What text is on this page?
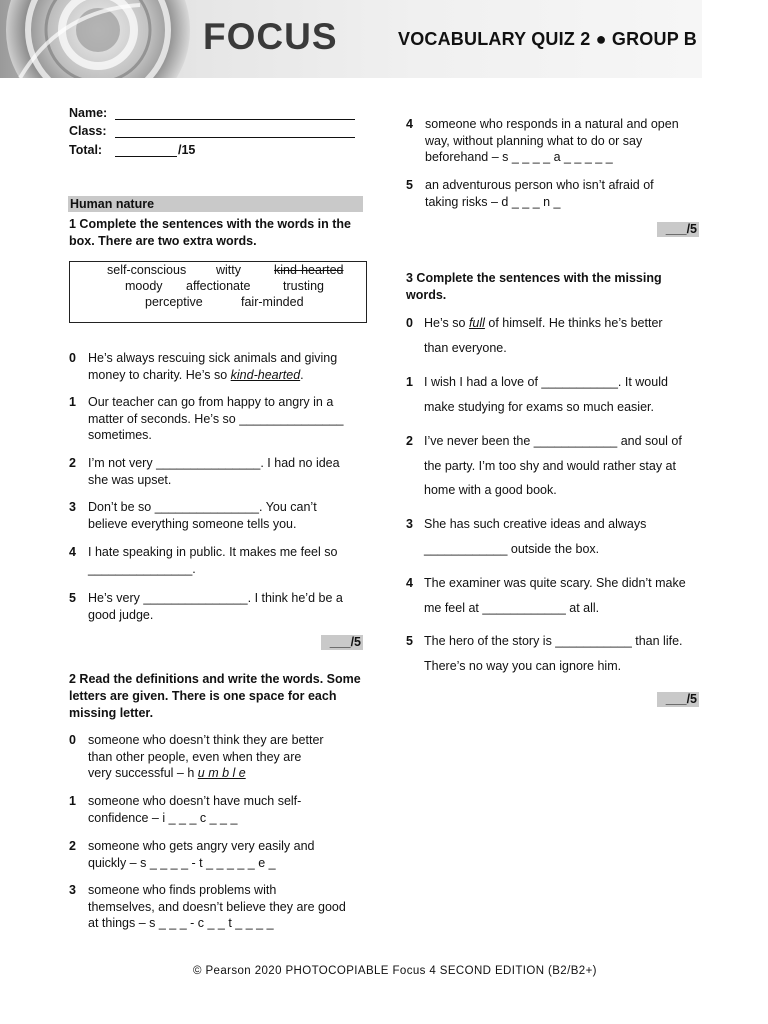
FOCUS	VOCABULARY QUIZ 2 ● GROUP B
Name:
Class:
Total:	/15
Human nature
1 Complete the sentences with the words in the
box. There are two extra words.
self-conscious witty	kind-hearted
moody affectionate	trusting
perceptive	fair-minded
0 He’s always rescuing sick animals and giving
money to charity. He’s so kind-hearted.
1 Our teacher can go from happy to angry in a
matter of seconds. He’s so _______________
sometimes.
2 I’m not very _______________. I had no idea
she was upset.
3 Don’t be so _______________. You can’t
believe everything someone tells you.
4 I hate speaking in public. It makes me feel so
_______________.
5 He’s very _______________. I think he’d be a
good judge.
___/5
2 Read the definitions and write the words. Some
letters are given. There is one space for each
missing letter.
0 someone who doesn’t think they are better
than other people, even when they are
very successful – h u m b l e
1 someone who doesn’t have much self-
confidence – i _ _ _ c _ _ _
2 someone who gets angry very easily and
quickly – s _ _ _ _ - t _ _ _ _ _ e _
3 someone who finds problems with
themselves, and doesn’t believe they are good
at things – s _ _ _ - c _ _ t _ _ _ _
4 someone who responds in a natural and open
way, without planning what to do or say
beforehand – s _ _ _ _ a _ _ _ _ _
5 an adventurous person who isn’t afraid of
taking risks – d _ _ _ n _
___/5
3 Complete the sentences with the missing
words.
0 He’s so full of himself. He thinks he’s better
than everyone.
1 I wish I had a love of ___________. It would
make studying for exams so much easier.
2 I’ve never been the ____________ and soul of
the party. I’m too shy and would rather stay at
home with a good book.
3 She has such creative ideas and always
____________ outside the box.
4 The examiner was quite scary. She didn’t make
me feel at ____________ at all.
5 The hero of the story is ___________ than life.
There’s no way you can ignore him.
___/5
© Pearson 2020 PHOTOCOPIABLE Focus 4 SECOND EDITION (B2/B2+)
